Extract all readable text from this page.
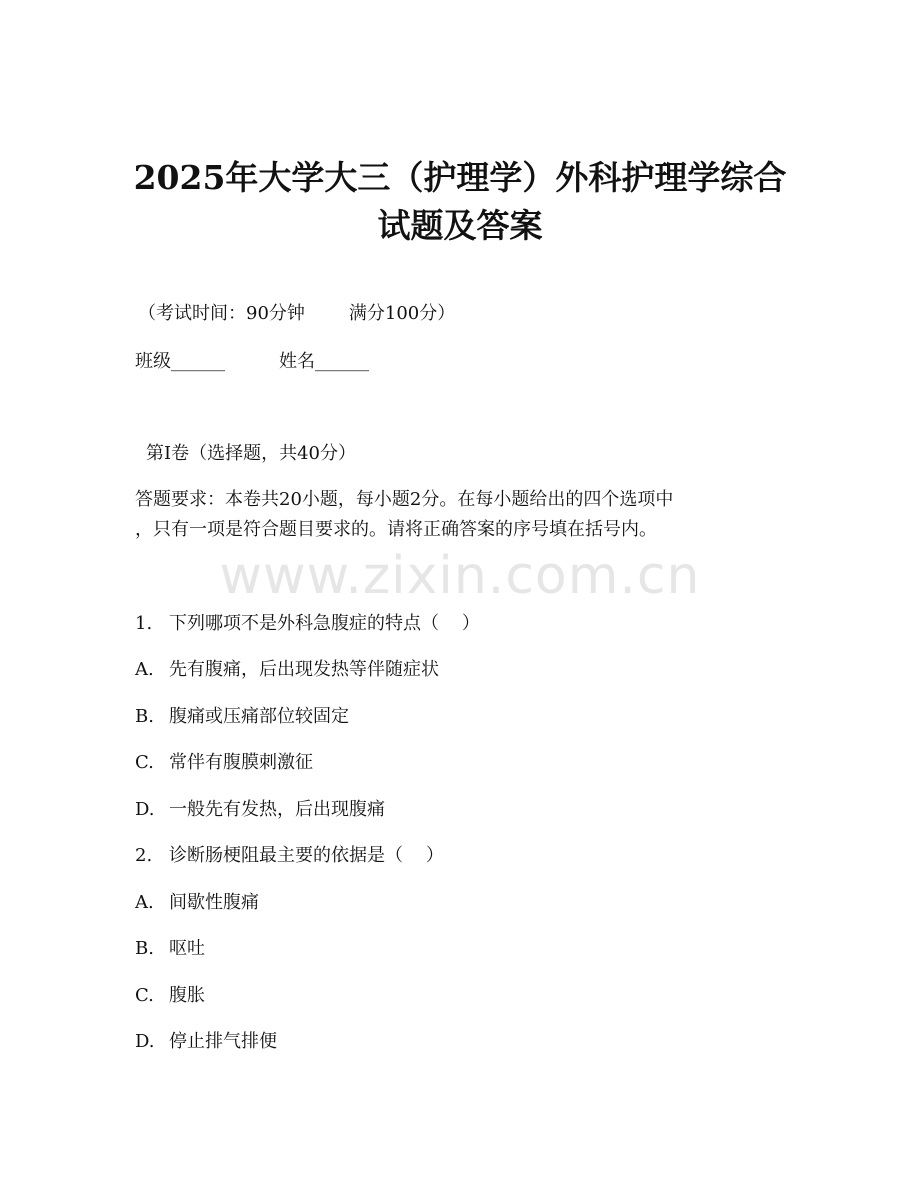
www.zixin.com.cn
2025年大学大三（护理学）外科护理学综合
试题及答案
（考试时间：90分钟 满分100分）
班级______	姓名______
第I卷（选择题，共40分）
答题要求：本卷共20小题，每小题2分。在每小题给出的四个选项中
，只有一项是符合题目要求的。请将正确答案的序号填在括号内。
1. 下列哪项不是外科急腹症的特点（    ）
A. 先有腹痛，后出现发热等伴随症状
B. 腹痛或压痛部位较固定
C. 常伴有腹膜刺激征
D. 一般先有发热，后出现腹痛
2. 诊断肠梗阻最主要的依据是（    ）
A. 间歇性腹痛
B. 呕吐
C. 腹胀
D. 停止排气排便
